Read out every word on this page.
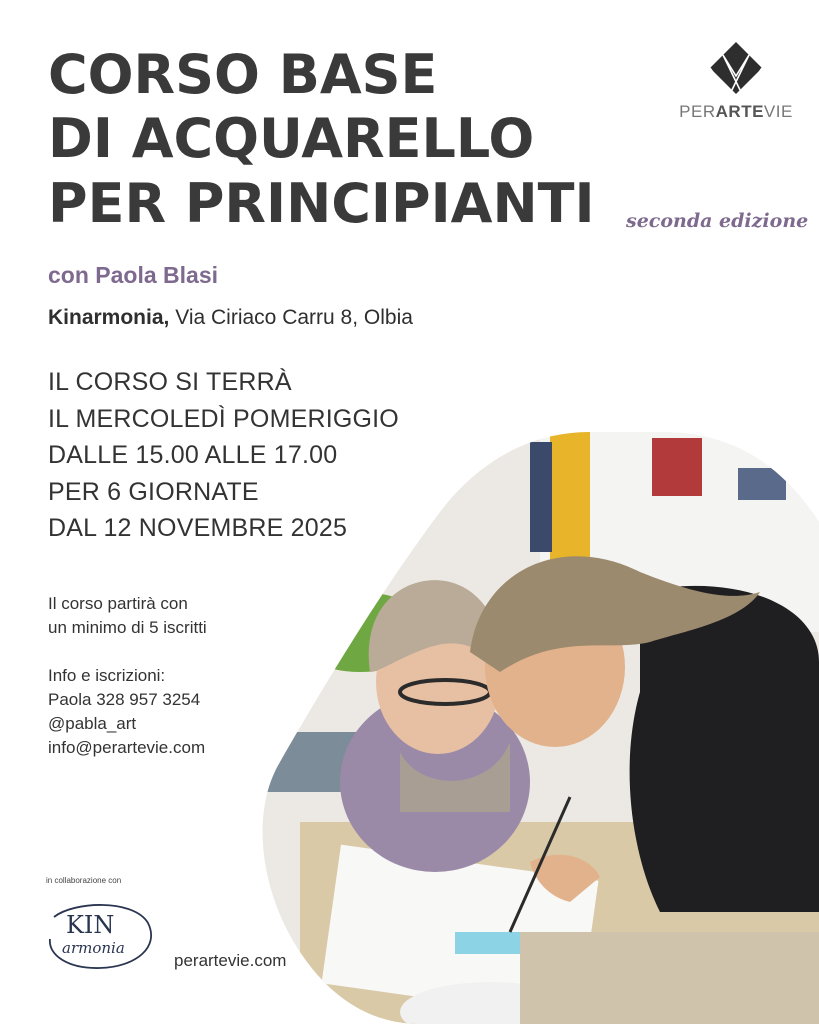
CORSO BASE
DI ACQUARELLO
PER PRINCIPIANTI seconda edizione
PERARTEVIE
con Paola Blasi
Kinarmonia, Via Ciriaco Carru 8, Olbia
IL CORSO SI TERRÀ
IL MERCOLEDÌ POMERIGGIO
DALLE 15.00 ALLE 17.00
PER 6 GIORNATE
DAL 12 NOVEMBRE 2025
Il corso partirà con
un minimo di 5 iscritti
Info e iscrizioni:
Paola 328 957 3254
@pabla_art
info@perartevie.com
in collaborazione con
KIN
armonia
perartevie.com
